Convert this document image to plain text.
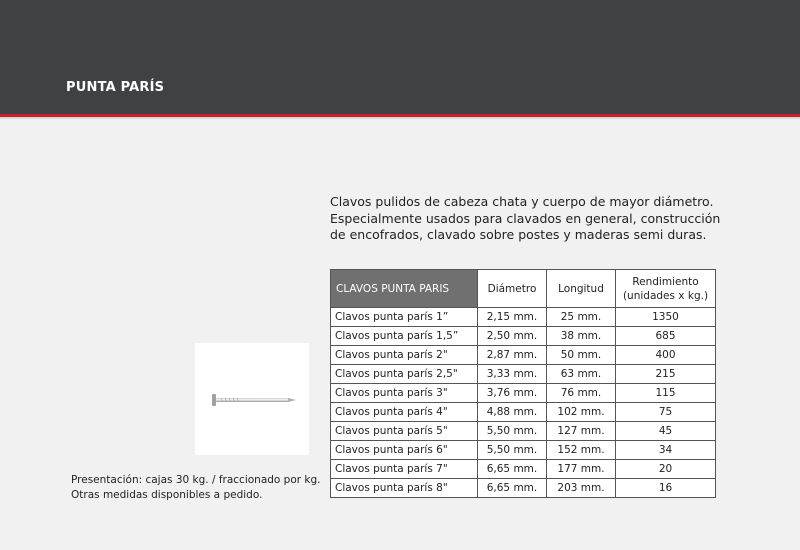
PUNTA PARÍS

Clavos pulidos de cabeza chata y cuerpo de mayor diámetro.

Especialmente usados para clavados en general, construcción

de encofrados, clavado sobre postes y maderas semi duras.

Presentación: cajas 30 kg. / fraccionado por kg.

Otras medidas disponibles a pedido.

CLAVOS PUNTA PARIS	Diámetro	Longitud	Rendimiento
(unidades x kg.)
Clavos punta parís 1”	2,15 mm.	25 mm.	1350
Clavos punta parís 1,5”	2,50 mm.	38 mm.	685
Clavos punta parís 2"	2,87 mm.	50 mm.	400
Clavos punta parís 2,5"	3,33 mm.	63 mm.	215
Clavos punta parís 3"	3,76 mm.	76 mm.	115
Clavos punta parís 4"	4,88 mm.	102 mm.	75
Clavos punta parís 5"	5,50 mm.	127 mm.	45
Clavos punta parís 6"	5,50 mm.	152 mm.	34
Clavos punta parís 7"	6,65 mm.	177 mm.	20
Clavos punta parís 8"	6,65 mm.	203 mm.	16
